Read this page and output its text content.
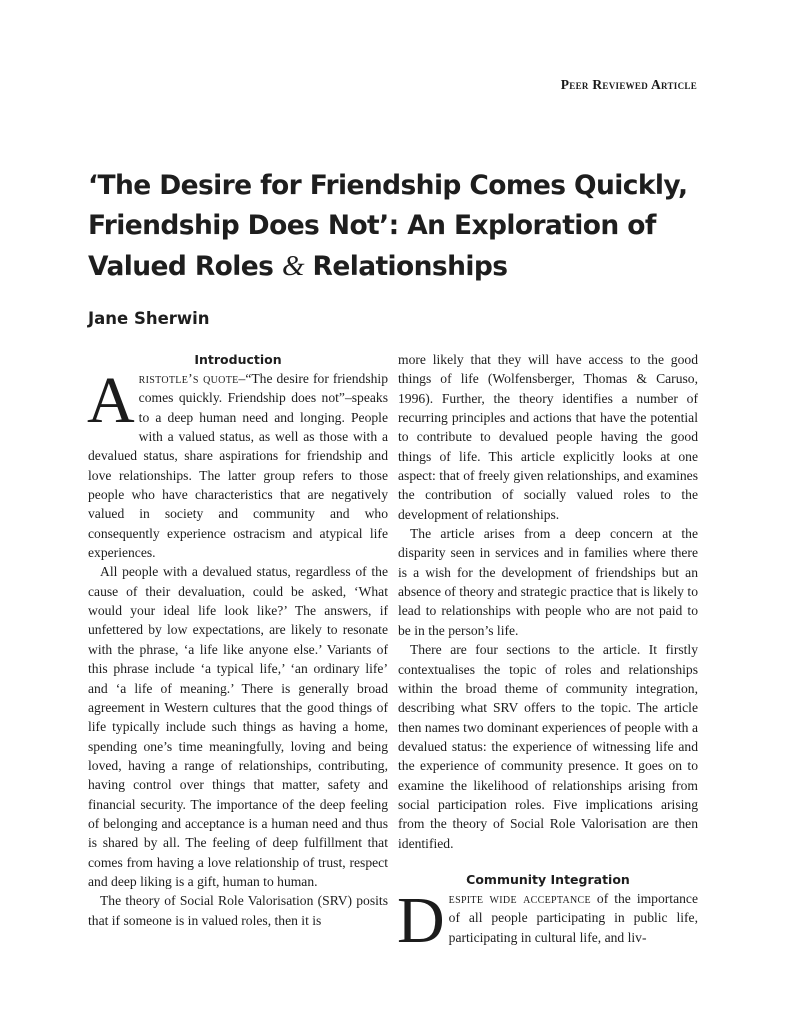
Peer Reviewed Article
‘The Desire for Friendship Comes Quickly, Friendship Does Not’: An Exploration of Valued Roles & Relationships
Jane Sherwin
Introduction

Aristotle’s quote–“The desire for friendship comes quickly. Friendship does not”–speaks to a deep human need and longing. People with a valued status, as well as those with a devalued status, share aspirations for friendship and love relationships. The latter group refers to those people who have characteristics that are negatively valued in society and community and who consequently experience ostracism and atypical life experiences.

All people with a devalued status, regardless of the cause of their devaluation, could be asked, ‘What would your ideal life look like?’ The answers, if unfettered by low expectations, are likely to resonate with the phrase, ‘a life like anyone else.’ Variants of this phrase include ‘a typical life,’ ‘an ordinary life’ and ‘a life of meaning.’ There is generally broad agreement in Western cultures that the good things of life typically include such things as having a home, spending one’s time meaningfully, loving and being loved, having a range of relationships, contributing, having control over things that matter, safety and financial security. The importance of the deep feeling of belonging and acceptance is a human need and thus is shared by all. The feeling of deep fulfillment that comes from having a love relationship of trust, respect and deep liking is a gift, human to human.

The theory of Social Role Valorisation (SRV) posits that if someone is in valued roles, then it is

more likely that they will have access to the good things of life (Wolfensberger, Thomas & Caruso, 1996). Further, the theory identifies a number of recurring principles and actions that have the potential to contribute to devalued people having the good things of life. This article explicitly looks at one aspect: that of freely given relationships, and examines the contribution of socially valued roles to the development of relationships.

The article arises from a deep concern at the disparity seen in services and in families where there is a wish for the development of friendships but an absence of theory and strategic practice that is likely to lead to relationships with people who are not paid to be in the person’s life.

There are four sections to the article. It firstly contextualises the topic of roles and relationships within the broad theme of community integration, describing what SRV offers to the topic. The article then names two dominant experiences of people with a devalued status: the experience of witnessing life and the experience of community presence. It goes on to examine the likelihood of relationships arising from social participation roles. Five implications arising from the theory of Social Role Valorisation are then identified.

Community Integration

Despite wide acceptance of the importance of all people participating in public life, participating in cultural life, and liv-
